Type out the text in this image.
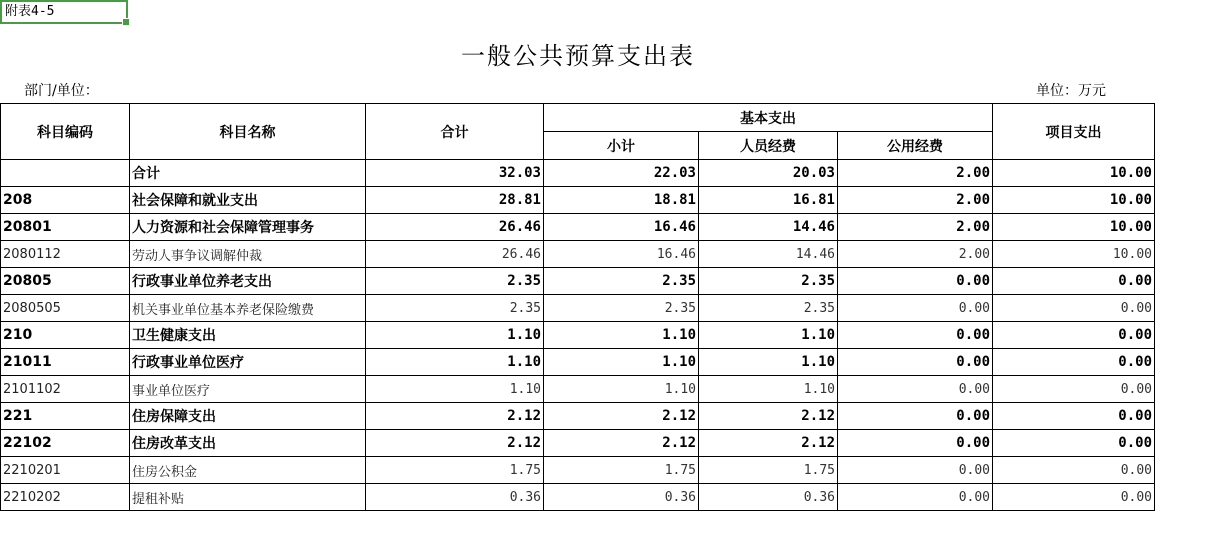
附表4-5
一般公共预算支出表
部门/单位：	单位：万元
科目编码	科目名称	合计	基本支出			项目支出
			小计	人员经费	公用经费	
	合计	32.03	22.03	20.03	2.00	10.00
208	社会保障和就业支出	28.81	18.81	16.81	2.00	10.00
20801	人力资源和社会保障管理事务	26.46	16.46	14.46	2.00	10.00
2080112	劳动人事争议调解仲裁	26.46	16.46	14.46	2.00	10.00
20805	行政事业单位养老支出	2.35	2.35	2.35	0.00	0.00
2080505	机关事业单位基本养老保险缴费	2.35	2.35	2.35	0.00	0.00
210	卫生健康支出	1.10	1.10	1.10	0.00	0.00
21011	行政事业单位医疗	1.10	1.10	1.10	0.00	0.00
2101102	事业单位医疗	1.10	1.10	1.10	0.00	0.00
221	住房保障支出	2.12	2.12	2.12	0.00	0.00
22102	住房改革支出	2.12	2.12	2.12	0.00	0.00
2210201	住房公积金	1.75	1.75	1.75	0.00	0.00
2210202	提租补贴	0.36	0.36	0.36	0.00	0.00
